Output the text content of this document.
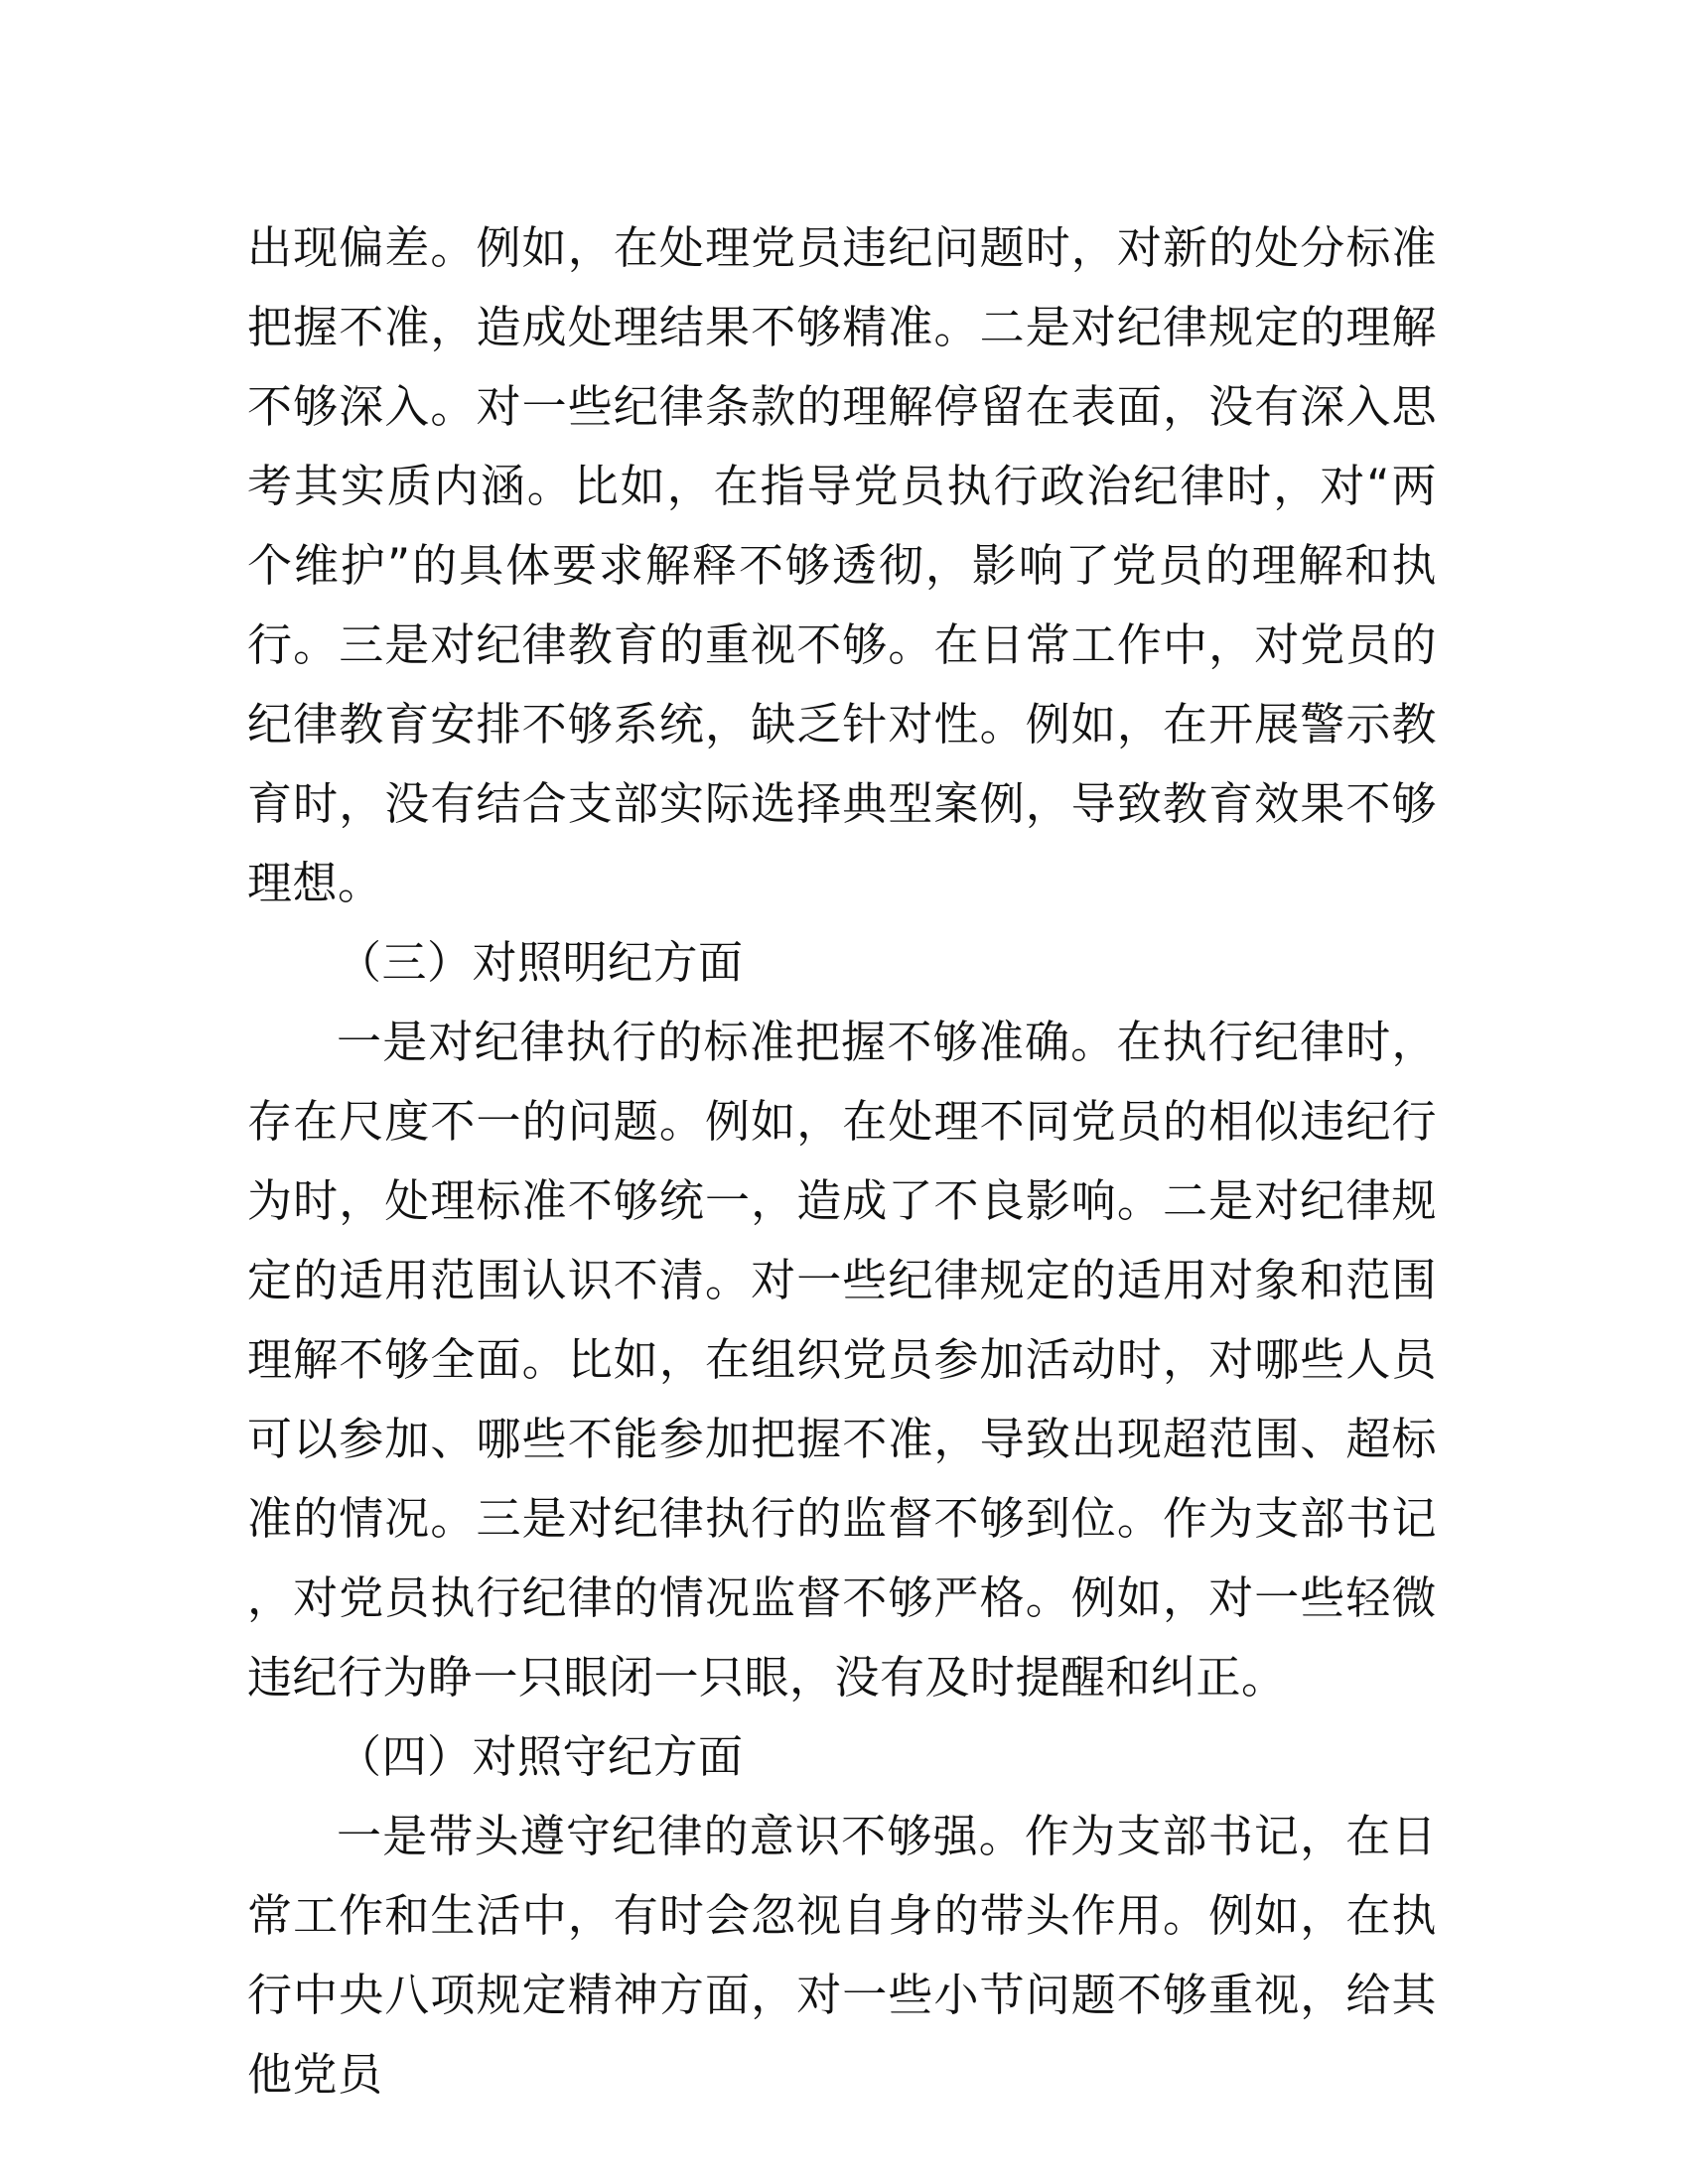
出现偏差。例如，在处理党员违纪问题时，对新的处分标准把握不准，造成处理结果不够精准。二是对纪律规定的理解不够深入。对一些纪律条款的理解停留在表面，没有深入思考其实质内涵。比如，在指导党员执行政治纪律时，对“两个维护”的具体要求解释不够透彻，影响了党员的理解和执行。三是对纪律教育的重视不够。在日常工作中，对党员的纪律教育安排不够系统，缺乏针对性。例如，在开展警示教育时，没有结合支部实际选择典型案例，导致教育效果不够理想。

（三）对照明纪方面

一是对纪律执行的标准把握不够准确。在执行纪律时，存在尺度不一的问题。例如，在处理不同党员的相似违纪行为时，处理标准不够统一，造成了不良影响。二是对纪律规定的适用范围认识不清。对一些纪律规定的适用对象和范围理解不够全面。比如，在组织党员参加活动时，对哪些人员可以参加、哪些不能参加把握不准，导致出现超范围、超标准的情况。三是对纪律执行的监督不够到位。作为支部书记，对党员执行纪律的情况监督不够严格。例如，对一些轻微违纪行为睁一只眼闭一只眼，没有及时提醒和纠正。

（四）对照守纪方面

一是带头遵守纪律的意识不够强。作为支部书记，在日常工作和生活中，有时会忽视自身的带头作用。例如，在执行中央八项规定精神方面，对一些小节问题不够重视，给其他党员
